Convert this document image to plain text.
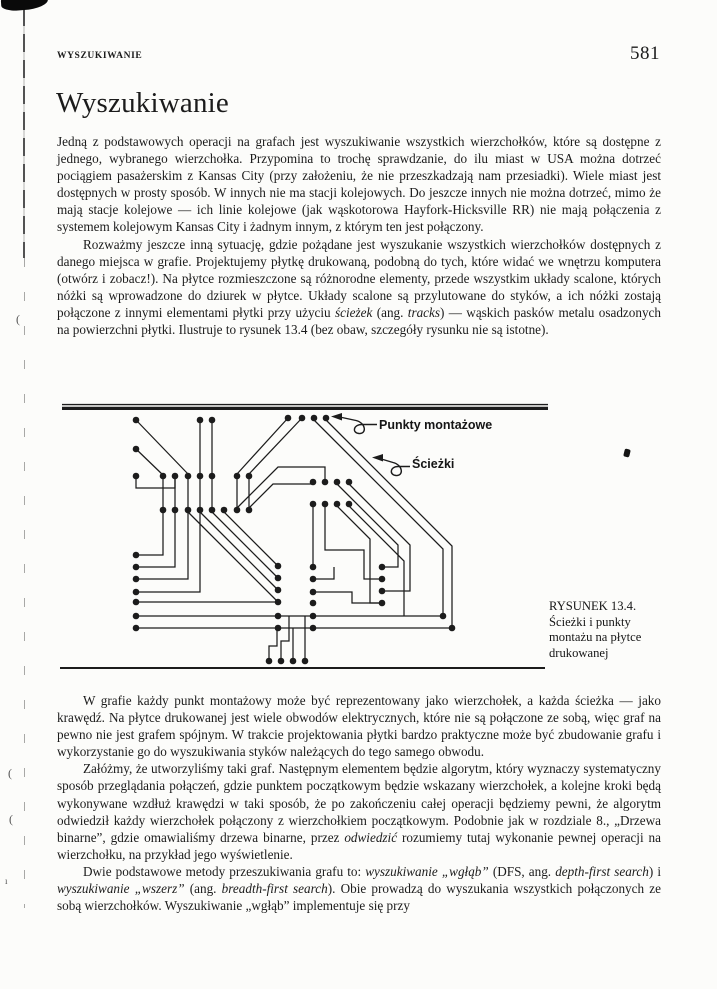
(
(
(
ı
WYSZUKIWANIE	581
Wyszukiwanie
Jedną z podstawowych operacji na grafach jest wyszukiwanie wszystkich wierzchołków, które są dostępne z jednego, wybranego wierzchołka. Przypomina to trochę sprawdzanie, do ilu miast w USA można dotrzeć pociągiem pasażerskim z Kansas City (przy założeniu, że nie przeszkadzają nam przesiadki). Wiele miast jest dostępnych w prosty sposób. W innych nie ma stacji kolejowych. Do jeszcze innych nie można dotrzeć, mimo że mają stacje kolejowe — ich linie kolejowe (jak wąskotorowa Hayfork-Hicksville RR) nie mają połączenia z systemem kolejowym Kansas City i żadnym innym, z którym ten jest połączony.
Rozważmy jeszcze inną sytuację, gdzie pożądane jest wyszukanie wszystkich wierzchołków dostępnych z danego miejsca w grafie. Projektujemy płytkę drukowaną, podobną do tych, które widać we wnętrzu komputera (otwórz i zobacz!). Na płytce rozmieszczone są różnorodne elementy, przede wszystkim układy scalone, których nóżki są wprowadzone do dziurek w płytce. Układy scalone są przylutowane do styków, a ich nóżki zostają połączone z innymi elementami płytki przy użyciu ścieżek (ang. tracks) — wąskich pasków metalu osadzonych na powierzchni płytki. Ilustruje to rysunek 13.4 (bez obaw, szczegóły rysunku nie są istotne).
W grafie każdy punkt montażowy może być reprezentowany jako wierzchołek, a każda ścieżka — jako krawędź. Na płytce drukowanej jest wiele obwodów elektrycznych, które nie są połączone ze sobą, więc graf na pewno nie jest grafem spójnym. W trakcie projektowania płytki bardzo praktyczne może być zbudowanie grafu i wykorzystanie go do wyszukiwania styków należących do tego samego obwodu.
Załóżmy, że utworzyliśmy taki graf. Następnym elementem będzie algorytm, który wyznaczy systematyczny sposób przeglądania połączeń, gdzie punktem początkowym będzie wskazany wierzchołek, a kolejne kroki będą wykonywane wzdłuż krawędzi w taki sposób, że po zakończeniu całej operacji będziemy pewni, że algorytm odwiedził każdy wierzchołek połączony z wierzchołkiem początkowym. Podobnie jak w rozdziale 8., „Drzewa binarne”, gdzie omawialiśmy drzewa binarne, przez odwiedzić rozumiemy tutaj wykonanie pewnej operacji na wierzchołku, na przykład jego wyświetlenie.
Dwie podstawowe metody przeszukiwania grafu to: wyszukiwanie „wgłąb” (DFS, ang. depth-first search) i wyszukiwanie „wszerz” (ang. breadth-first search). Obie prowadzą do wyszukania wszystkich połączonych ze sobą wierzchołków. Wyszukiwanie „wgłąb” implementuje się przy
Punkty montażowe
Ścieżki
RYSUNEK 13.4.
Ścieżki i punkty
montażu na płytce
drukowanej
